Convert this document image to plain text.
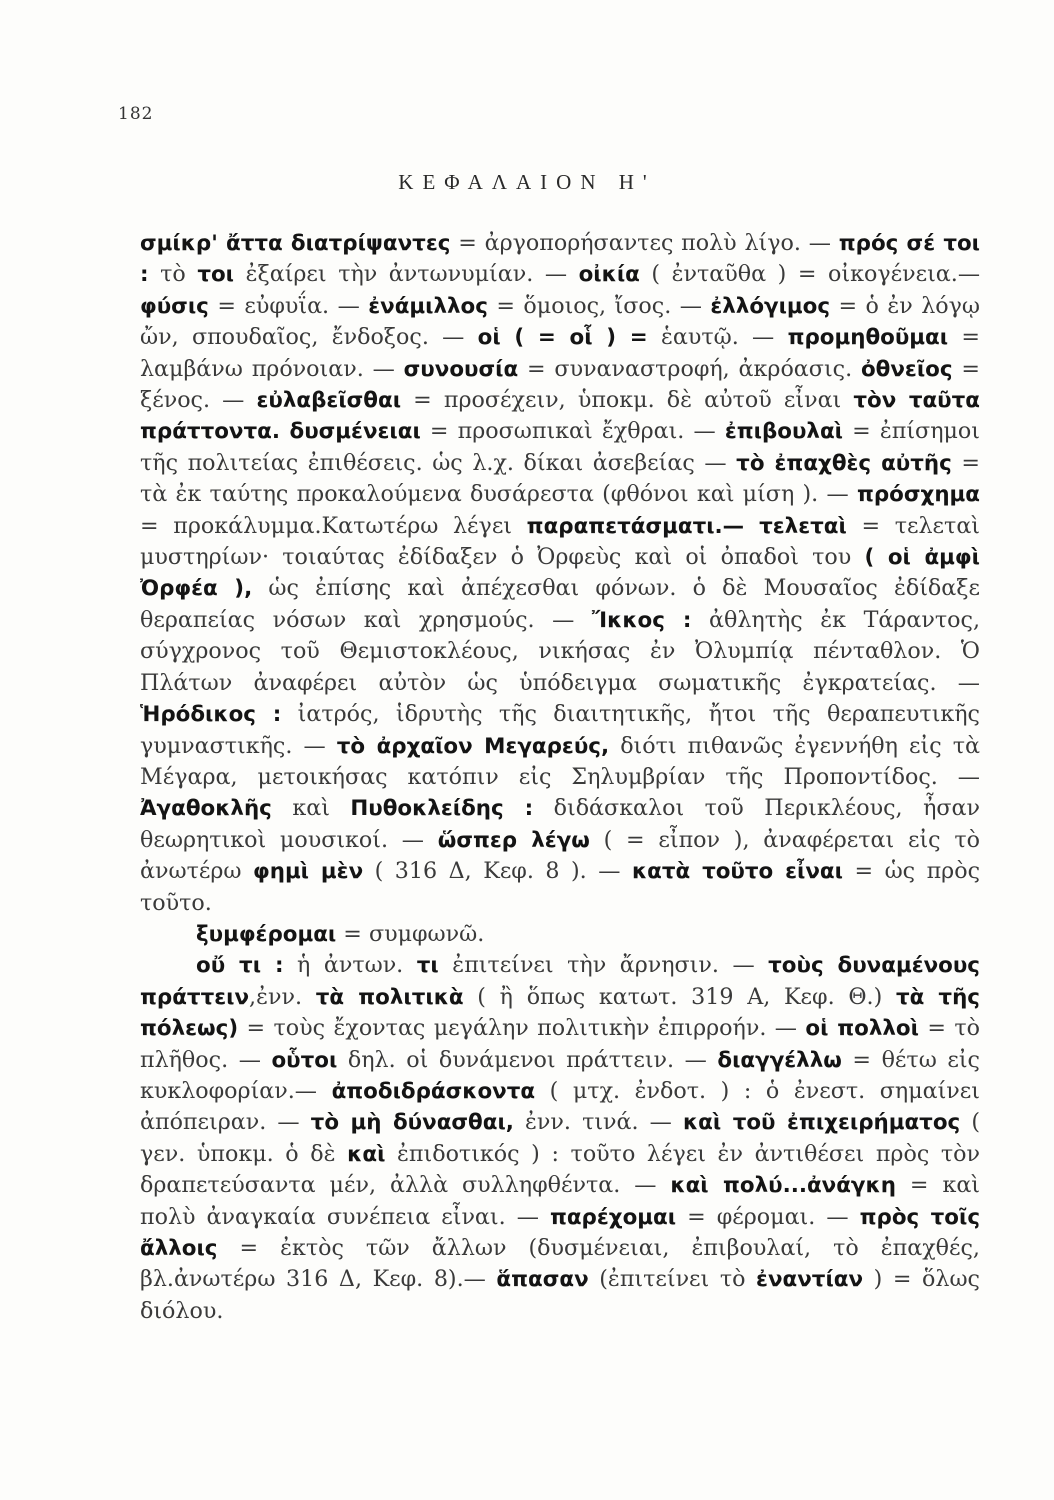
182
ΚΕΦΑΛΑΙΟΝ Η'

σμίκρ' ἄττα διατρίψαντες = ἀργοπορήσαντες πολὺ λίγο. — πρός σέ τοι : τὸ τοι ἐξαίρει τὴν ἀντωνυμίαν. — οἰκία ( ἐνταῦθα ) = οἰκογένεια.— φύσις = εὐφυΐα. — ἐνάμιλλος = ὅμοιος, ἴσος. — ἐλλόγιμος = ὁ ἐν λόγῳ ὤν, σπουδαῖος, ἔνδοξος. — οἱ ( = οἷ ) = ἑαυτῷ. — προμηθοῦμαι = λαμβάνω πρόνοιαν. — συνουσία = συναναστροφή, ἀκρόασις. ὀθνεῖος = ξένος. — εὐλαβεῖσθαι = προσέχειν, ὑποκμ. δὲ αὐτοῦ εἶναι τὸν ταῦτα πράττοντα. δυσμένειαι = προσωπικαὶ ἔχθραι. — ἐπιβουλαὶ = ἐπίσημοι τῆς πολιτείας ἐπιθέσεις. ὡς λ.χ. δίκαι ἀσεβείας — τὸ ἐπαχθὲς αὐτῆς = τὰ ἐκ ταύτης προκαλούμενα δυσάρεστα (φθόνοι καὶ μίση ). — πρόσχημα = προκάλυμμα.Κατωτέρω λέγει παραπετάσματι.— τελεταὶ = τελεταὶ μυστηρίων· τοιαύτας ἐδίδαξεν ὁ Ὀρφεὺς καὶ οἱ ὀπαδοὶ του ( οἱ ἀμφὶ Ὀρφέα ), ὡς ἐπίσης καὶ ἀπέχεσθαι φόνων. ὁ δὲ Μουσαῖος ἐδίδαξε θεραπείας νόσων καὶ χρησμούς. — Ἴκκος : ἀθλητὴς ἐκ Τάραντος, σύγχρονος τοῦ Θεμιστοκλέους, νικήσας ἐν Ὀλυμπίᾳ πένταθλον. Ὁ Πλάτων ἀναφέρει αὐτὸν ὡς ὑπόδειγμα σωματικῆς ἐγκρατείας. — Ἡρόδικος : ἰατρός, ἱδρυτὴς τῆς διαιτητικῆς, ἤτοι τῆς θεραπευτικῆς γυμναστικῆς. — τὸ ἀρχαῖον Μεγαρεύς, διότι πιθανῶς ἐγεννήθη εἰς τὰ Μέγαρα, μετοικήσας κατόπιν εἰς Σηλυμβρίαν τῆς Προποντίδος. — Ἀγαθοκλῆς καὶ Πυθοκλείδης : διδάσκαλοι τοῦ Περικλέους, ἦσαν θεωρητικοὶ μουσικοί. — ὥσπερ λέγω ( = εἶπον ), ἀναφέρεται εἰς τὸ ἀνωτέρω φημὶ μὲν ( 316 Δ, Κεφ. 8 ). — κατὰ τοῦτο εἶναι = ὡς πρὸς τοῦτο.

ξυμφέρομαι = συμφωνῶ.

οὔ τι : ἡ ἀντων. τι ἐπιτείνει τὴν ἄρνησιν. — τοὺς δυναμένους πράττειν,ἐνν. τὰ πολιτικὰ ( ἢ ὅπως κατωτ. 319 Α, Κεφ. Θ.) τὰ τῆς πόλεως) = τοὺς ἔχοντας μεγάλην πολιτικὴν ἐπιρροήν. — οἱ πολλοὶ = τὸ πλῆθος. — οὗτοι δηλ. οἱ δυνάμενοι πράττειν. — διαγγέλλω = θέτω εἰς κυκλοφορίαν.— ἀποδιδράσκοντα ( μτχ. ἐνδοτ. ) : ὁ ἐνεστ. σημαίνει ἀπόπειραν. — τὸ μὴ δύνασθαι, ἐνν. τινά. — καὶ τοῦ ἐπιχειρήματος ( γεν. ὑποκμ. ὁ δὲ καὶ ἐπιδοτικός ) : τοῦτο λέγει ἐν ἀντιθέσει πρὸς τὸν δραπετεύσαντα μέν, ἀλλὰ συλληφθέντα. — καὶ πολύ...ἀνάγκη = καὶ πολὺ ἀναγκαία συνέπεια εἶναι. — παρέχομαι = φέρομαι. — πρὸς τοῖς ἄλλοις = ἐκτὸς τῶν ἄλλων (δυσμένειαι, ἐπιβουλαί, τὸ ἐπαχθές, βλ.ἀνωτέρω 316 Δ, Κεφ. 8).— ἅπασαν (ἐπιτείνει τὸ ἐναντίαν ) = ὅλως διόλου.
